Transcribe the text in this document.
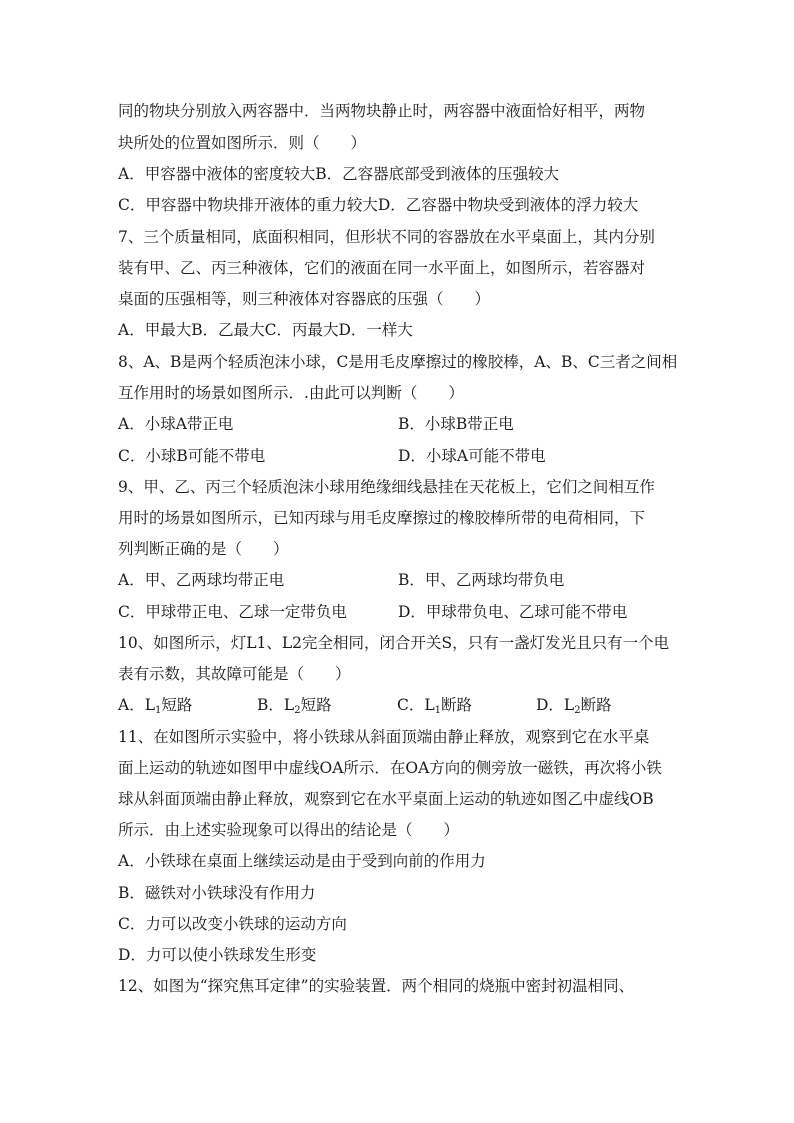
同的物块分别放入两容器中．当两物块静止时，两容器中液面恰好相平，两物
块所处的位置如图所示．则（　　）
A．甲容器中液体的密度较大B．乙容器底部受到液体的压强较大
C．甲容器中物块排开液体的重力较大D．乙容器中物块受到液体的浮力较大
7、三个质量相同，底面积相同，但形状不同的容器放在水平桌面上，其内分别
装有甲、乙、丙三种液体，它们的液面在同一水平面上，如图所示，若容器对
桌面的压强相等，则三种液体对容器底的压强（　　）
A．甲最大B．乙最大C．丙最大D．一样大
8、A、B是两个轻质泡沫小球，C是用毛皮摩擦过的橡胶棒，A、B、C三者之间相
互作用时的场景如图所示．.由此可以判断（　　）
A．小球A带正电	B．小球B带正电
C．小球B可能不带电	D．小球A可能不带电
9、甲、乙、丙三个轻质泡沫小球用绝缘细线悬挂在天花板上，它们之间相互作
用时的场景如图所示，已知丙球与用毛皮摩擦过的橡胶棒所带的电荷相同，下
列判断正确的是（　　）
A．甲、乙两球均带正电	B．甲、乙两球均带负电
C．甲球带正电、乙球一定带负电	D．甲球带负电、乙球可能不带电
10、如图所示，灯L1、L2完全相同，闭合开关S，只有一盏灯发光且只有一个电
表有示数，其故障可能是（　　）
A．$L_1$短路	B．$L_2$短路	C．$L_1$断路	D．$L_2$断路
11、在如图所示实验中，将小铁球从斜面顶端由静止释放，观察到它在水平桌
面上运动的轨迹如图甲中虚线OA所示．在OA方向的侧旁放一磁铁，再次将小铁
球从斜面顶端由静止释放，观察到它在水平桌面上运动的轨迹如图乙中虚线OB
所示．由上述实验现象可以得出的结论是（　　）
A．小铁球在桌面上继续运动是由于受到向前的作用力
B．磁铁对小铁球没有作用力
C．力可以改变小铁球的运动方向
D．力可以使小铁球发生形变
12、如图为“探究焦耳定律”的实验装置．两个相同的烧瓶中密封初温相同、
